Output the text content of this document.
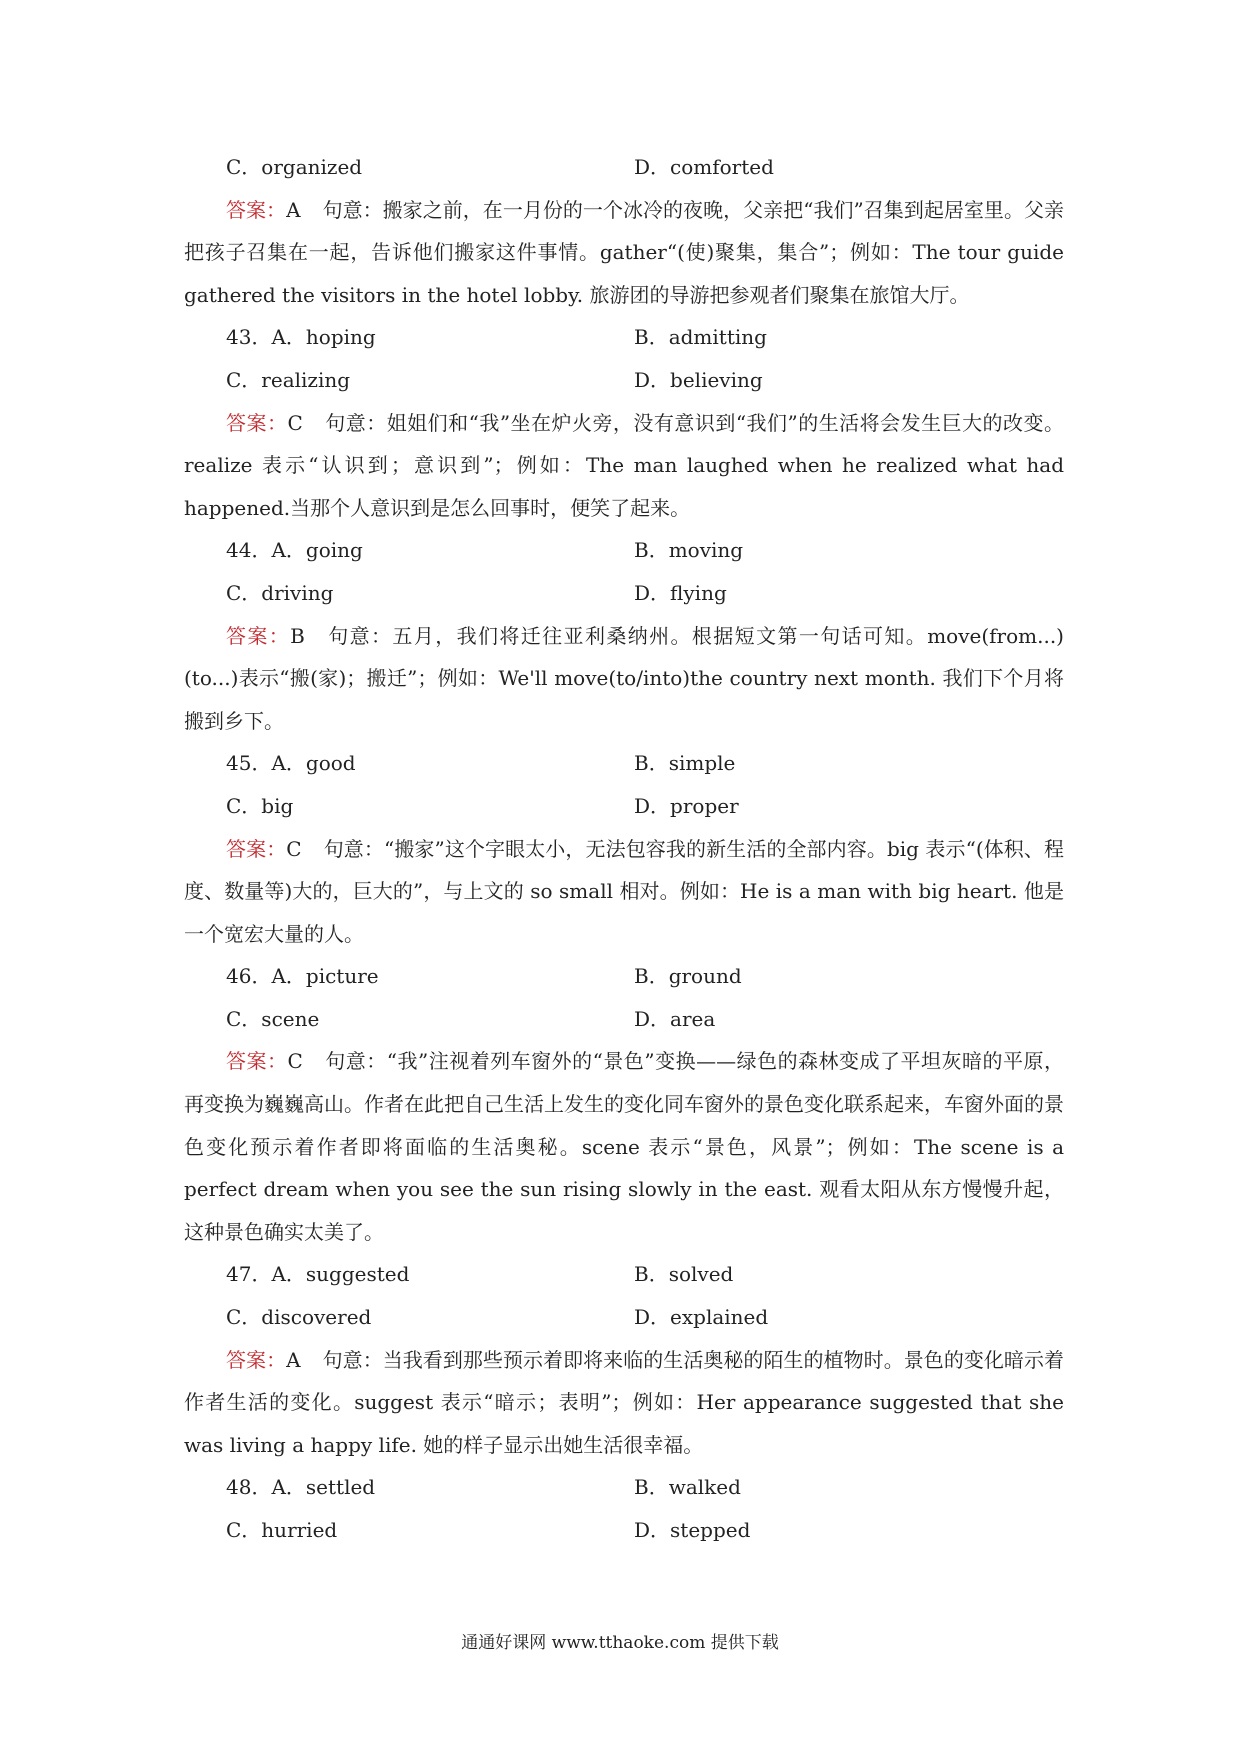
C．organized	D．comforted
答案：A 句意：搬家之前，在一月份的一个冰冷的夜晚，父亲把“我们”召集到起居室里。父亲把孩子召集在一起，告诉他们搬家这件事情。gather“(使)聚集，集合”；例如：The tour guide gathered the visitors in the hotel lobby. 旅游团的导游把参观者们聚集在旅馆大厅。
43．A．hoping	B．admitting
C．realizing	D．believing
答案：C 句意：姐姐们和“我”坐在炉火旁，没有意识到“我们”的生活将会发生巨大的改变。realize 表示“认识到；意识到”；例如：The man laughed when he realized what had happened.当那个人意识到是怎么回事时，便笑了起来。
44．A．going	B．moving
C．driving	D．flying
答案：B 句意：五月，我们将迁往亚利桑纳州。根据短文第一句话可知。move(from...)(to...)表示“搬(家)；搬迁”；例如：We'll move(to/into)the country next month. 我们下个月将搬到乡下。
45．A．good	B．simple
C．big	D．proper
答案：C 句意：“搬家”这个字眼太小，无法包容我的新生活的全部内容。big 表示“(体积、程度、数量等)大的，巨大的”，与上文的 so small 相对。例如：He is a man with big heart. 他是一个宽宏大量的人。
46．A．picture	B．ground
C．scene	D．area
答案：C 句意：“我”注视着列车窗外的“景色”变换——绿色的森林变成了平坦灰暗的平原，再变换为巍巍高山。作者在此把自己生活上发生的变化同车窗外的景色变化联系起来，车窗外面的景色变化预示着作者即将面临的生活奥秘。scene 表示“景色，风景”；例如：The scene is a perfect dream when you see the sun rising slowly in the east. 观看太阳从东方慢慢升起，这种景色确实太美了。
47．A．suggested	B．solved
C．discovered	D．explained
答案：A 句意：当我看到那些预示着即将来临的生活奥秘的陌生的植物时。景色的变化暗示着作者生活的变化。suggest 表示“暗示；表明”；例如：Her appearance suggested that she was living a happy life. 她的样子显示出她生活很幸福。
48．A．settled	B．walked
C．hurried	D．stepped
通通好课网 www.tthaoke.com 提供下载
